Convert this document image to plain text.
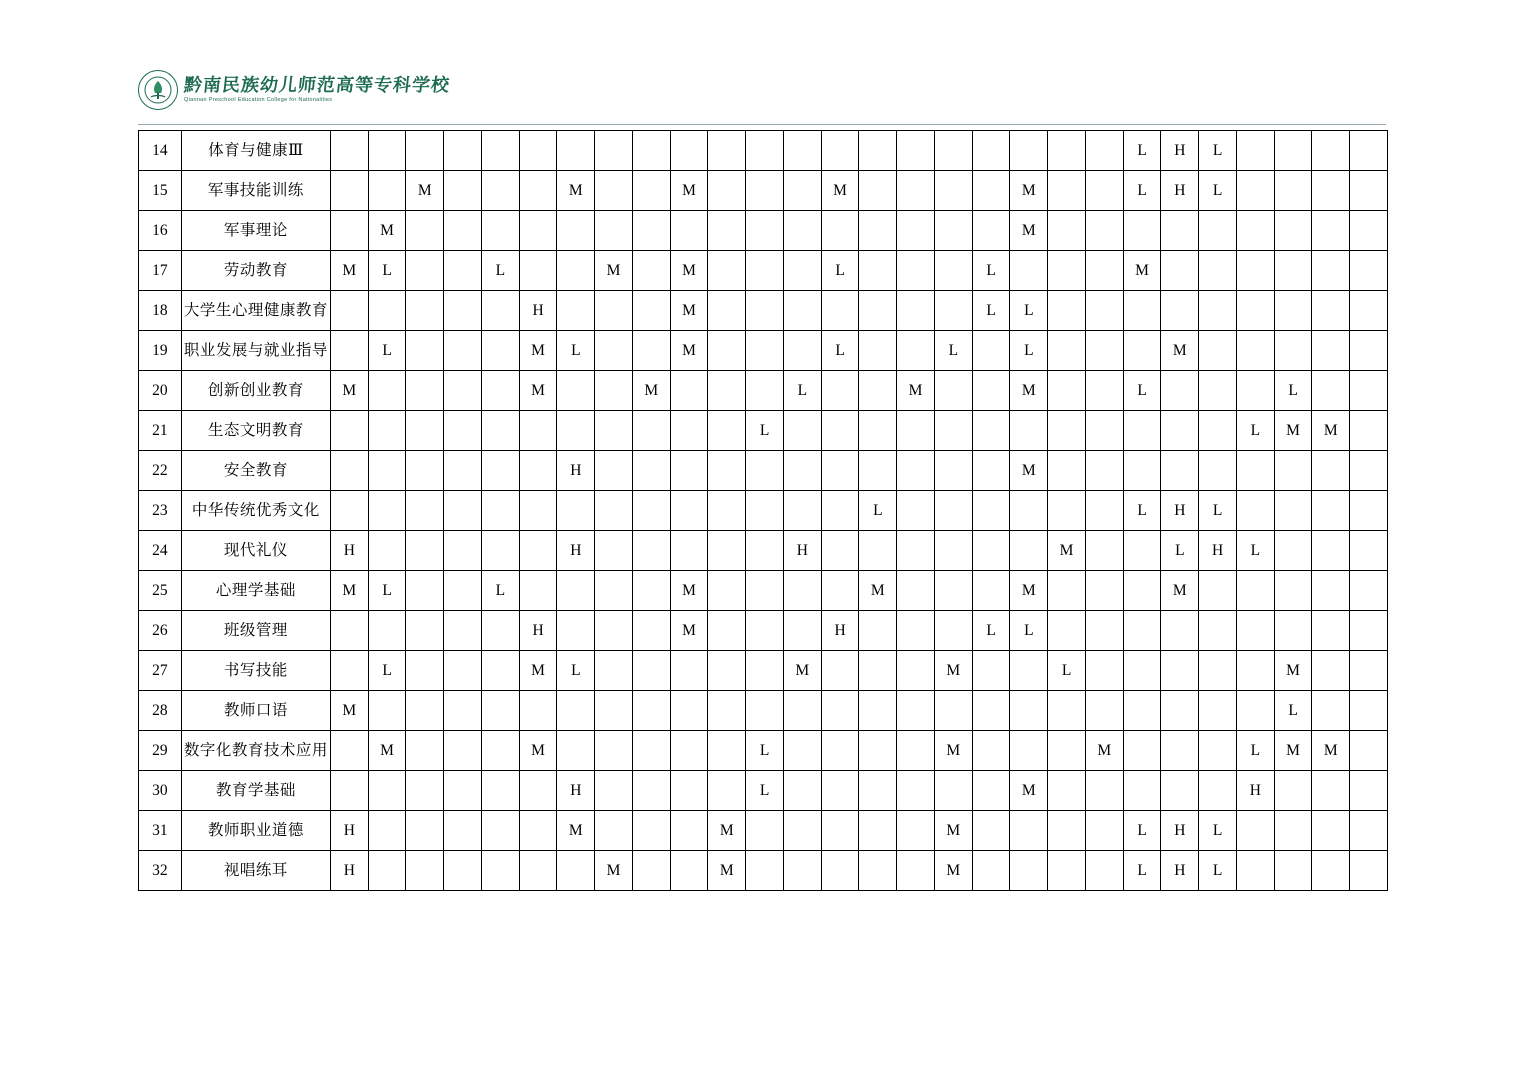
黔南民族幼儿师范高等专科学校
Qiannan Preschool Education College for Nationalities
14	体育与健康Ⅲ																						L	H	L				
15	军事技能训练			M				M			M				M					M			L	H	L				
16	军事理论		M																	M									
17	劳动教育	M	L			L			M		M				L				L				M						
18	大学生心理健康教育						H				M								L	L									
19	职业发展与就业指导		L				M	L			M				L			L		L				M					
20	创新创业教育	M					M			M				L			M			M			L				L		
21	生态文明教育												L													L	M	M	
22	安全教育							H												M									
23	中华传统优秀文化															L							L	H	L				
24	现代礼仪	H						H						H							M			L	H	L			
25	心理学基础	M	L			L					M					M				M				M					
26	班级管理						H				M				H				L	L									
27	书写技能		L				M	L						M				M			L						M		
28	教师口语	M																									L		
29	数字化教育技术应用		M				M						L					M				M				L	M	M	
30	教育学基础							H					L							M						H			
31	教师职业道德	H						M				M						M					L	H	L				
32	视唱练耳	H							M			M						M					L	H	L				
